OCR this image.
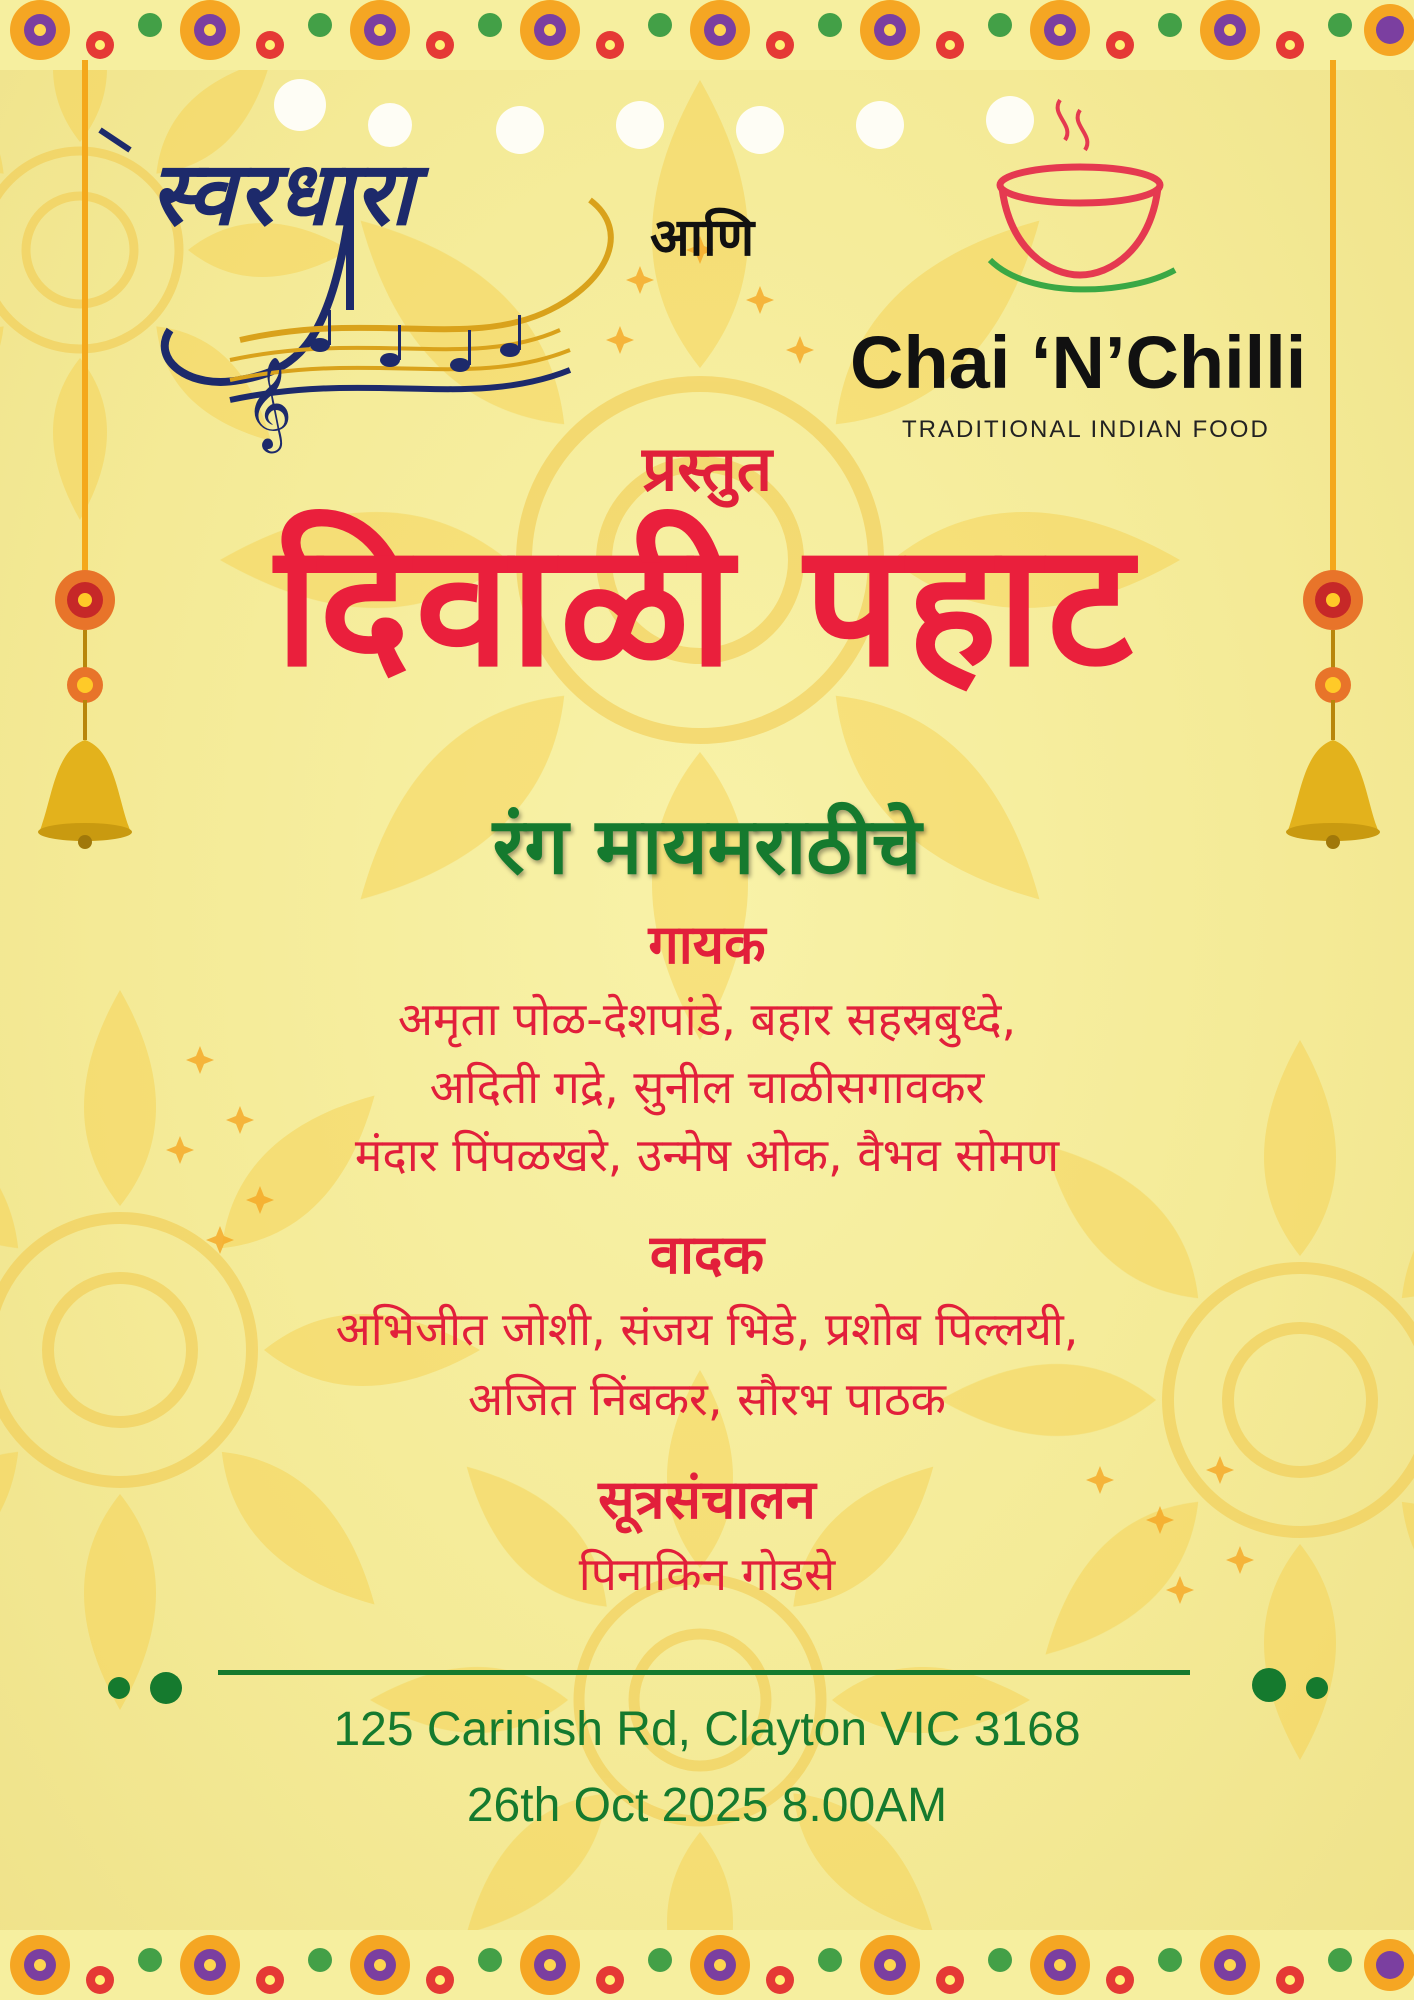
𝄞
स्वरधारा	आणि
Chai ‘N’Chilli
TRADITIONAL INDIAN FOOD
प्रस्तुत
दिवाळी पहाट
रंग मायमराठीचे
गायक
अमृता पोळ-देशपांडे, बहार सहस्रबुध्दे,
अदिती गद्रे, सुनील चाळीसगावकर
मंदार पिंपळखरे, उन्मेष ओक, वैभव सोमण
वादक
अभिजीत जोशी, संजय भिडे, प्रशोब पिल्लयी,
अजित निंबकर, सौरभ पाठक
सूत्रसंचालन
पिनाकिन गोडसे
125 Carinish Rd, Clayton VIC 3168
26th Oct 2025 8.00AM
